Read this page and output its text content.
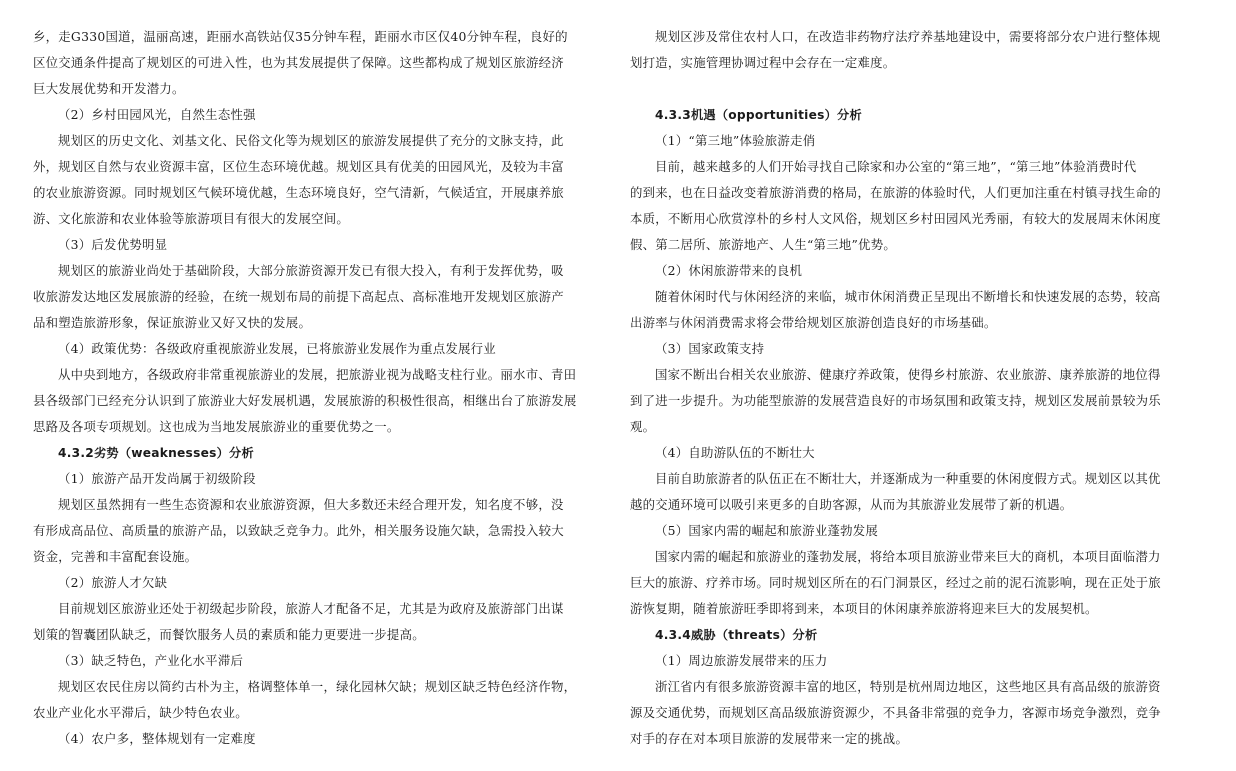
乡，走G330国道，温丽高速，距丽水高铁站仅35分钟车程，距丽水市区仅40分钟车程，良好的
区位交通条件提高了规划区的可进入性，也为其发展提供了保障。这些都构成了规划区旅游经济
巨大发展优势和开发潜力。
（2）乡村田园风光，自然生态性强
规划区的历史文化、刘基文化、民俗文化等为规划区的旅游发展提供了充分的文脉支持，此
外，规划区自然与农业资源丰富，区位生态环境优越。规划区具有优美的田园风光，及较为丰富
的农业旅游资源。同时规划区气候环境优越，生态环境良好，空气清新，气候适宜，开展康养旅
游、文化旅游和农业体验等旅游项目有很大的发展空间。
（3）后发优势明显
规划区的旅游业尚处于基础阶段，大部分旅游资源开发已有很大投入，有利于发挥优势，吸
收旅游发达地区发展旅游的经验，在统一规划布局的前提下高起点、高标准地开发规划区旅游产
品和塑造旅游形象，保证旅游业又好又快的发展。
（4）政策优势：各级政府重视旅游业发展，已将旅游业发展作为重点发展行业
从中央到地方，各级政府非常重视旅游业的发展，把旅游业视为战略支柱行业。丽水市、青田
县各级部门已经充分认识到了旅游业大好发展机遇，发展旅游的积极性很高，相继出台了旅游发展
思路及各项专项规划。这也成为当地发展旅游业的重要优势之一。
4.3.2劣势（weaknesses）分析
（1）旅游产品开发尚属于初级阶段
规划区虽然拥有一些生态资源和农业旅游资源，但大多数还未经合理开发，知名度不够，没
有形成高品位、高质量的旅游产品，以致缺乏竞争力。此外，相关服务设施欠缺，急需投入较大
资金，完善和丰富配套设施。
（2）旅游人才欠缺
目前规划区旅游业还处于初级起步阶段，旅游人才配备不足，尤其是为政府及旅游部门出谋
划策的智囊团队缺乏，而餐饮服务人员的素质和能力更要进一步提高。
（3）缺乏特色，产业化水平滞后
规划区农民住房以简约古朴为主，格调整体单一，绿化园林欠缺；规划区缺乏特色经济作物，
农业产业化水平滞后，缺少特色农业。
（4）农户多，整体规划有一定难度
规划区涉及常住农村人口，在改造非药物疗法疗养基地建设中，需要将部分农户进行整体规
划打造，实施管理协调过程中会存在一定难度。
4.3.3机遇（opportunities）分析
（1）“第三地”体验旅游走俏
目前，越来越多的人们开始寻找自己除家和办公室的“第三地”，“第三地”体验消费时代
的到来，也在日益改变着旅游消费的格局，在旅游的体验时代，人们更加注重在村镇寻找生命的
本质，不断用心欣赏淳朴的乡村人文风俗，规划区乡村田园风光秀丽，有较大的发展周末休闲度
假、第二居所、旅游地产、人生“第三地”优势。
（2）休闲旅游带来的良机
随着休闲时代与休闲经济的来临，城市休闲消费正呈现出不断增长和快速发展的态势，较高
出游率与休闲消费需求将会带给规划区旅游创造良好的市场基础。
（3）国家政策支持
国家不断出台相关农业旅游、健康疗养政策，使得乡村旅游、农业旅游、康养旅游的地位得
到了进一步提升。为功能型旅游的发展营造良好的市场氛围和政策支持，规划区发展前景较为乐
观。
（4）自助游队伍的不断壮大
目前自助旅游者的队伍正在不断壮大，并逐渐成为一种重要的休闲度假方式。规划区以其优
越的交通环境可以吸引来更多的自助客源，从而为其旅游业发展带了新的机遇。
（5）国家内需的崛起和旅游业蓬勃发展
国家内需的崛起和旅游业的蓬勃发展，将给本项目旅游业带来巨大的商机，本项目面临潜力
巨大的旅游、疗养市场。同时规划区所在的石门洞景区，经过之前的泥石流影响，现在正处于旅
游恢复期，随着旅游旺季即将到来，本项目的休闲康养旅游将迎来巨大的发展契机。
4.3.4威胁（threats）分析
（1）周边旅游发展带来的压力
浙江省内有很多旅游资源丰富的地区，特别是杭州周边地区，这些地区具有高品级的旅游资
源及交通优势，而规划区高品级旅游资源少，不具备非常强的竞争力，客源市场竞争激烈，竞争
对手的存在对本项目旅游的发展带来一定的挑战。
